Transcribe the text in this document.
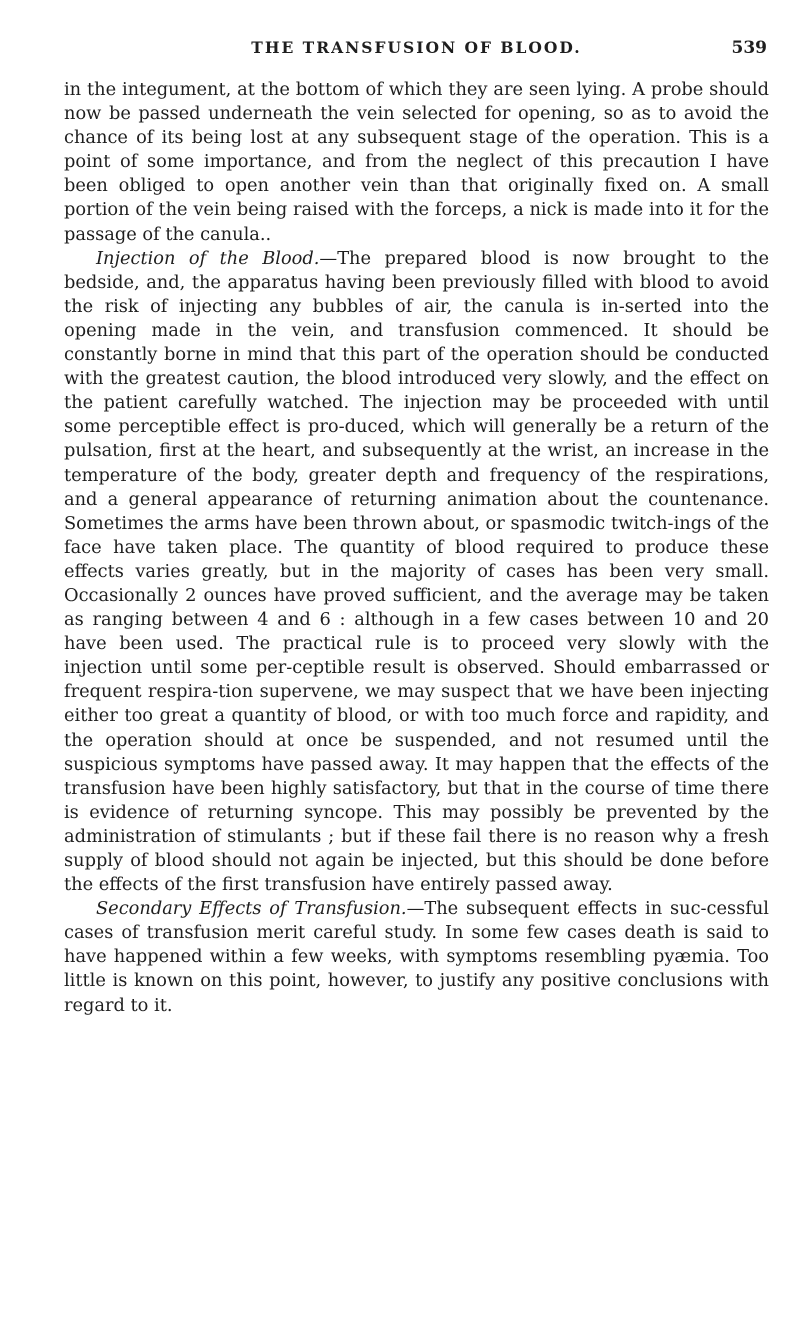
THE TRANSFUSION OF BLOOD.	539

in the integument, at the bottom of which they are seen lying. A probe should now be passed underneath the vein selected for opening, so as to avoid the chance of its being lost at any subsequent stage of the operation. This is a point of some importance, and from the neglect of this precaution I have been obliged to open another vein than that originally fixed on. A small portion of the vein being raised with the forceps, a nick is made into it for the passage of the canula..

Injection of the Blood.—The prepared blood is now brought to the bedside, and, the apparatus having been previously filled with blood to avoid the risk of injecting any bubbles of air, the canula is in-serted into the opening made in the vein, and transfusion commenced. It should be constantly borne in mind that this part of the operation should be conducted with the greatest caution, the blood introduced very slowly, and the effect on the patient carefully watched. The injection may be proceeded with until some perceptible effect is pro-duced, which will generally be a return of the pulsation, first at the heart, and subsequently at the wrist, an increase in the temperature of the body, greater depth and frequency of the respirations, and a general appearance of returning animation about the countenance. Sometimes the arms have been thrown about, or spasmodic twitch-ings of the face have taken place. The quantity of blood required to produce these effects varies greatly, but in the majority of cases has been very small. Occasionally 2 ounces have proved sufficient, and the average may be taken as ranging between 4 and 6 : although in a few cases between 10 and 20 have been used. The practical rule is to proceed very slowly with the injection until some per-ceptible result is observed. Should embarrassed or frequent respira-tion supervene, we may suspect that we have been injecting either too great a quantity of blood, or with too much force and rapidity, and the operation should at once be suspended, and not resumed until the suspicious symptoms have passed away. It may happen that the effects of the transfusion have been highly satisfactory, but that in the course of time there is evidence of returning syncope. This may possibly be prevented by the administration of stimulants ; but if these fail there is no reason why a fresh supply of blood should not again be injected, but this should be done before the effects of the first transfusion have entirely passed away.

Secondary Effects of Transfusion.—The subsequent effects in suc-cessful cases of transfusion merit careful study. In some few cases death is said to have happened within a few weeks, with symptoms resembling pyæmia. Too little is known on this point, however, to justify any positive conclusions with regard to it.
